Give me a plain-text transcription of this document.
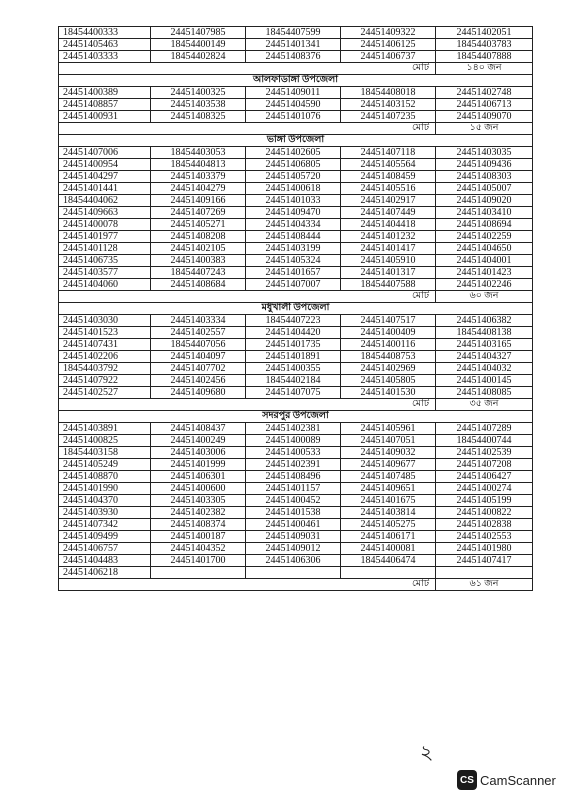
18454400333	24451407985	18454407599	24451409322	24451402051
24451405463	18454400149	24451401341	24451406125	18454403783
24451403333	18454402824	24451408376	24451406737	18454407888
মোট				১৪০ জন
আলফাডাঙ্গা উপজেলা				
24451400389	24451400325	24451409011	18454408018	24451402748
24451408857	24451403538	24451404590	24451403152	24451406713
24451400931	24451408325	24451401076	24451407235	24451409070
মোট				১৫ জন
ভাঙ্গা উপজেলা				
24451407006	18454403053	24451402605	24451407118	24451403035
24451400954	18454404813	24451406805	24451405564	24451409436
24451404297	24451403379	24451405720	24451408459	24451408303
24451401441	24451404279	24451400618	24451405516	24451405007
18454404062	24451409166	24451401033	24451402917	24451409020
24451409663	24451407269	24451409470	24451407449	24451403410
24451400078	24451405271	24451404334	24451404418	24451408694
24451401977	24451408208	24451408444	24451401232	24451402259
24451401128	24451402105	24451403199	24451401417	24451404650
24451406735	24451400383	24451405324	24451405910	24451404001
24451403577	18454407243	24451401657	24451401317	24451401423
24451404060	24451408684	24451407007	18454407588	24451402246
মোট				৬০ জন
মধুখালী উপজেলা				
24451403030	24451403334	18454407223	24451407517	24451406382
24451401523	24451402557	24451404420	24451400409	18454408138
24451407431	18454407056	24451401735	24451400116	24451403165
24451402206	24451404097	24451401891	18454408753	24451404327
18454403792	24451407702	24451400355	24451402969	24451404032
24451407922	24451402456	18454402184	24451405805	24451400145
24451402527	24451409680	24451407075	24451401530	24451408085
মোট				৩৫ জন
সদরপুর উপজেলা				
24451403891	24451408437	24451402381	24451405961	24451407289
24451400825	24451400249	24451400089	24451407051	18454400744
18454403158	24451403006	24451400533	24451409032	24451402539
24451405249	24451401999	24451402391	24451409677	24451407208
24451408870	24451406301	24451408496	24451407485	24451406427
24451401990	24451400600	24451401157	24451409651	24451400274
24451404370	24451403305	24451400452	24451401675	24451405199
24451403930	24451402382	24451401538	24451403814	24451400822
24451407342	24451408374	24451400461	24451405275	24451402838
24451409499	24451400187	24451409031	24451406171	24451402553
24451406757	24451404352	24451409012	24451400081	24451401980
24451404483	24451401700	24451406306	18454406474	24451407417
24451406218				
মোট				৬১ জন
২
CS CamScanner
